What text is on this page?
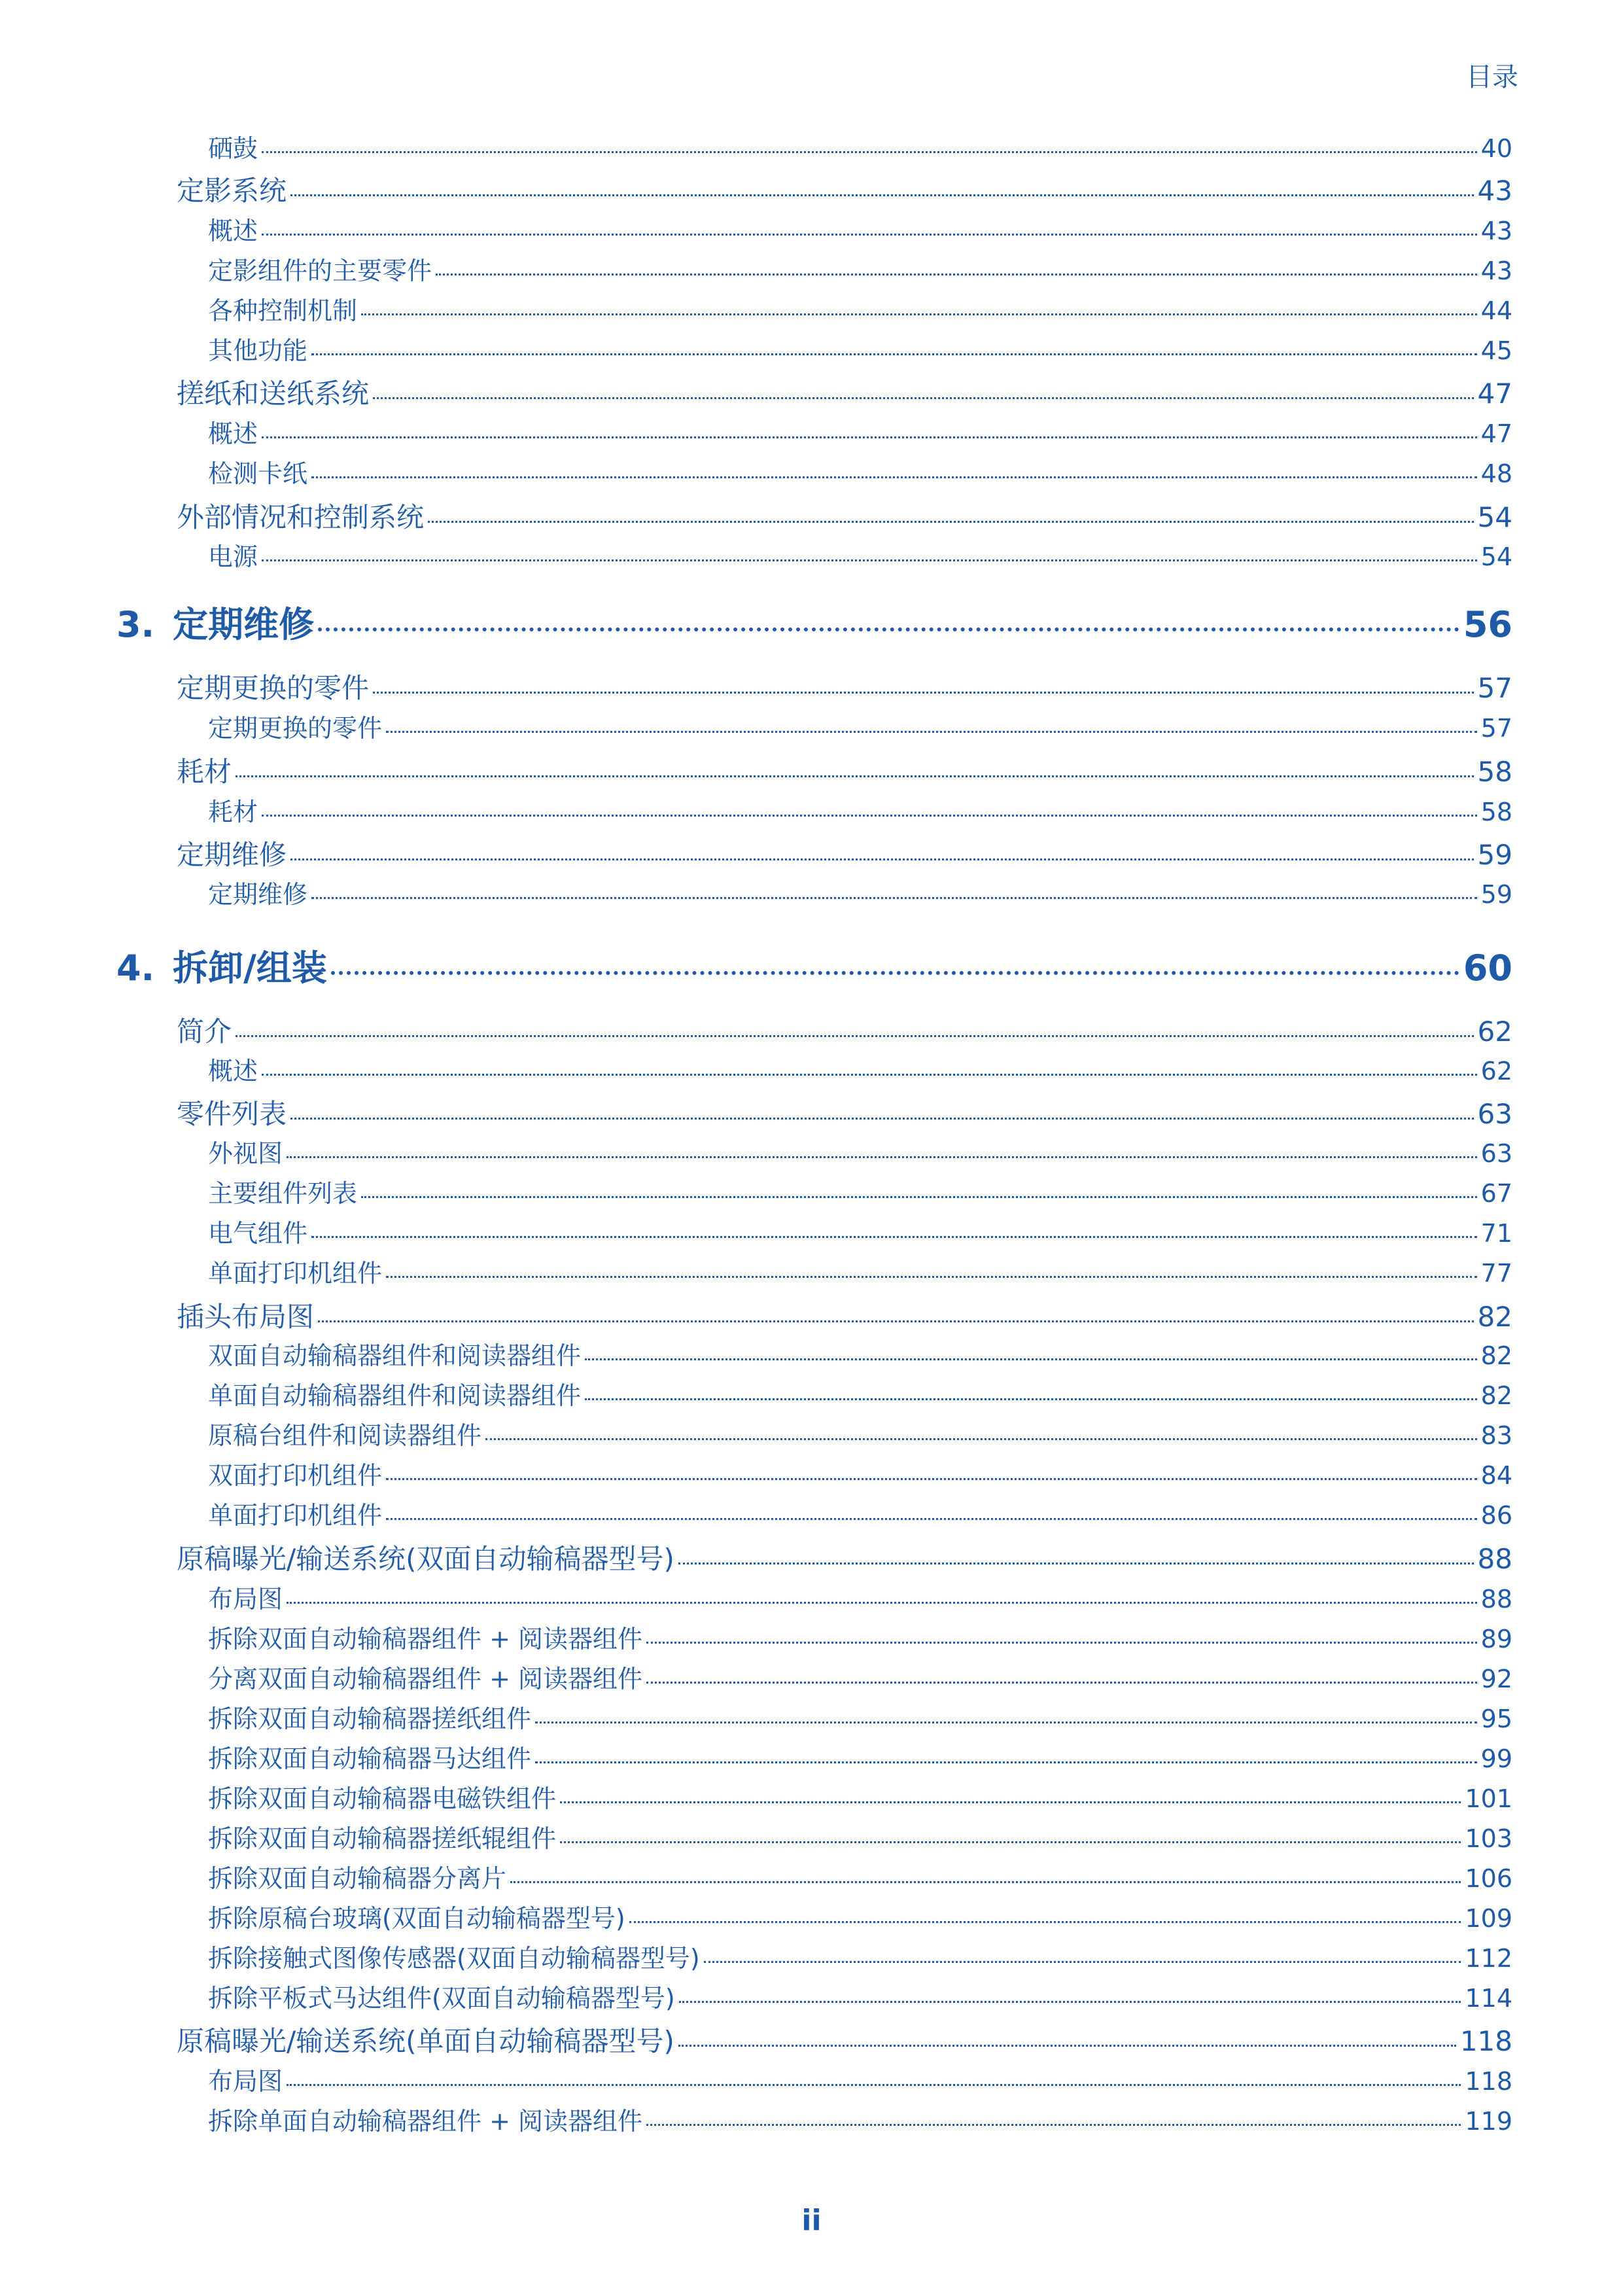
目录
硒鼓	40
定影系统	43
概述	43
定影组件的主要零件	43
各种控制机制	44
其他功能	45
搓纸和送纸系统	47
概述	47
检测卡纸	48
外部情况和控制系统	54
电源	54
3. 定期维修	56
定期更换的零件	57
定期更换的零件	57
耗材	58
耗材	58
定期维修	59
定期维修	59
4. 拆卸/组装	60
简介	62
概述	62
零件列表	63
外视图	63
主要组件列表	67
电气组件	71
单面打印机组件	77
插头布局图	82
双面自动输稿器组件和阅读器组件	82
单面自动输稿器组件和阅读器组件	82
原稿台组件和阅读器组件	83
双面打印机组件	84
单面打印机组件	86
原稿曝光/输送系统(双面自动输稿器型号)	88
布局图	88
拆除双面自动输稿器组件 + 阅读器组件	89
分离双面自动输稿器组件 + 阅读器组件	92
拆除双面自动输稿器搓纸组件	95
拆除双面自动输稿器马达组件	99
拆除双面自动输稿器电磁铁组件	101
拆除双面自动输稿器搓纸辊组件	103
拆除双面自动输稿器分离片	106
拆除原稿台玻璃(双面自动输稿器型号)	109
拆除接触式图像传感器(双面自动输稿器型号)	112
拆除平板式马达组件(双面自动输稿器型号)	114
原稿曝光/输送系统(单面自动输稿器型号)	118
布局图	118
拆除单面自动输稿器组件 + 阅读器组件	119
ii
